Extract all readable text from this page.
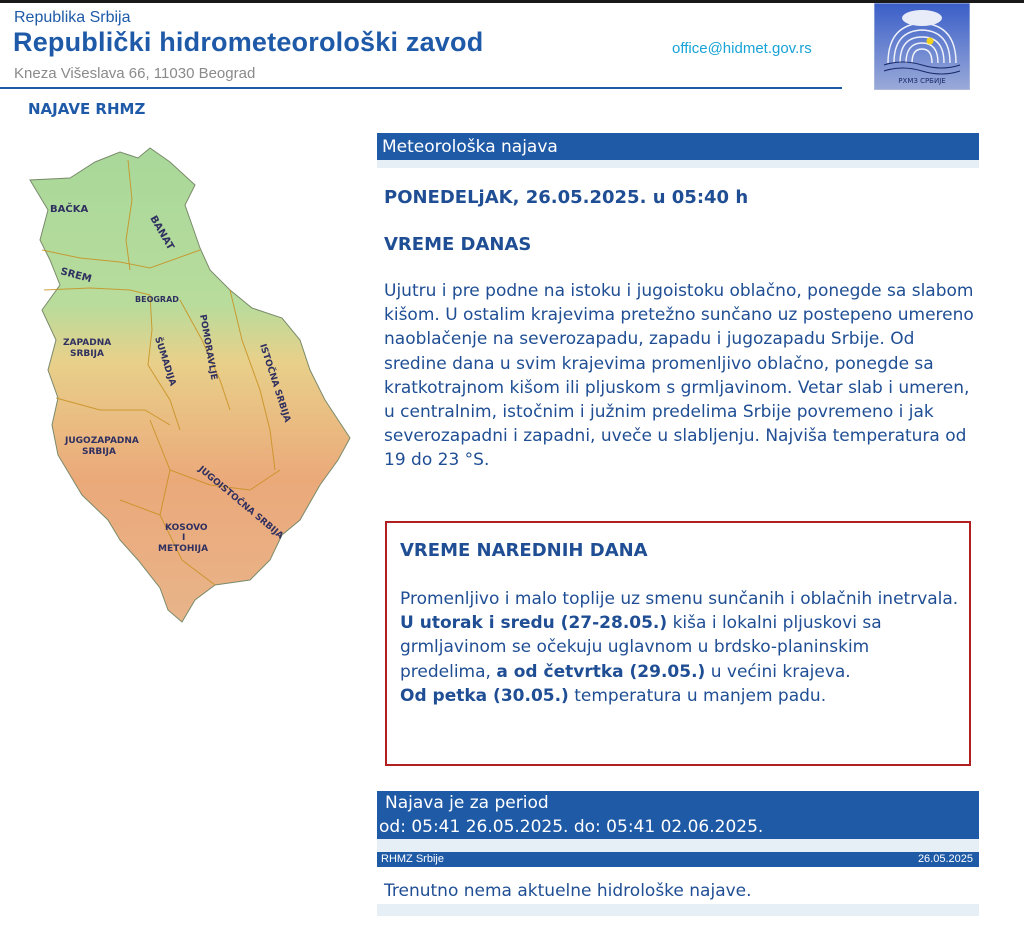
Republika Srbija
Republički hidrometeorološki zavod
Kneza Višeslava 66, 11030 Beograd
office@hidmet.gov.rs
РХМЗ СРБИЈЕ
NAJAVE RHMZ
BAČKA
BANAT
SREM
BEOGRAD
ZAPADNA
SRBIJA	ŠUMADIJA POMORAVLJE	ISTOČNA SRBIJA
JUGOZAPADNA
SRBIJA
JUGOISTOČNA SRBIJA
KOSOVO
I
METOHIJA
Meteorološka najava
PONEDELjAK, 26.05.2025. u 05:40 h
VREME DANAS
Ujutru i pre podne na istoku i jugoistoku oblačno, ponegde sa slabom kišom. U ostalim krajevima pretežno sunčano uz postepeno umereno naoblačenje na severozapadu, zapadu i jugozapadu Srbije. Od sredine dana u svim krajevima promenljivo oblačno, ponegde sa kratkotrajnom kišom ili pljuskom s grmljavinom. Vetar slab i umeren, u centralnim, istočnim i južnim predelima Srbije povremeno i jak severozapadni i zapadni, uveče u slabljenju. Najviša temperatura od 19 do 23 °S.
VREME NAREDNIH DANA
Promenljivo i malo toplije uz smenu sunčanih i oblačnih inetrvala.
U utorak i sredu (27-28.05.) kiša i lokalni pljuskovi sa grmljavinom se očekuju uglavnom u brdsko-planinskim predelima, a od četvrtka (29.05.) u većini krajeva.
Od petka (30.05.) temperatura u manjem padu.
Najava je za period
od: 05:41 26.05.2025. do: 05:41 02.06.2025.
RHMZ Srbije	26.05.2025
Trenutno nema aktuelne hidrološke najave.
